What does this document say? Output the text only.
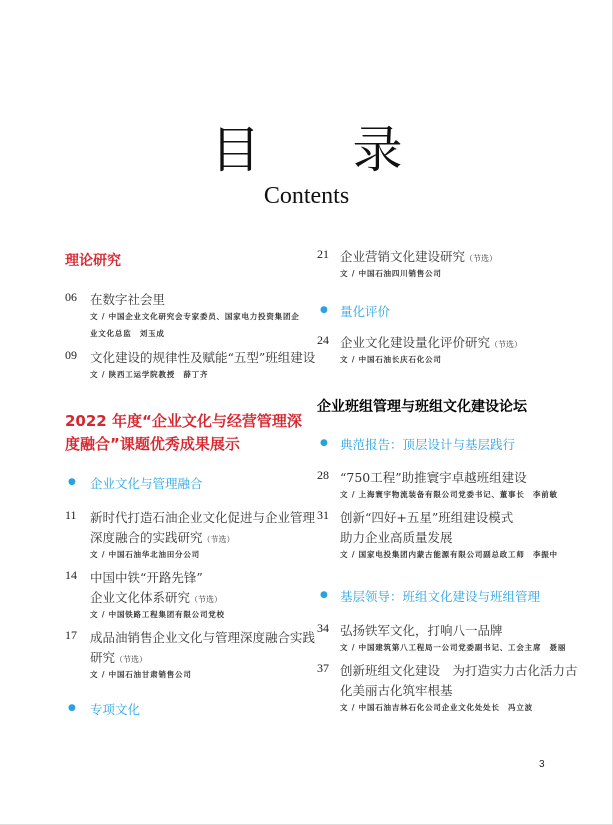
目 录
Contents
3
理论研究
06 在数字社会里
文 / 中国企业文化研究会专家委员、国家电力投资集团企
业文化总监　刘玉成
09 文化建设的规律性及赋能“五型”班组建设
文 / 陕西工运学院教授　薛丁齐
2022 年度“企业文化与经营管理深
度融合”课题优秀成果展示
● 企业文化与管理融合
11 新时代打造石油企业文化促进与企业管理
深度融合的实践研究（节选）
文 / 中国石油华北油田分公司
14 中国中铁“开路先锋”
企业文化体系研究（节选）
文 / 中国铁路工程集团有限公司党校
17 成品油销售企业文化与管理深度融合实践
研究（节选）
文 / 中国石油甘肃销售公司
● 专项文化
21 企业营销文化建设研究（节选）
文 / 中国石油四川销售公司
● 量化评价
24 企业文化建设量化评价研究（节选）
文 / 中国石油长庆石化公司
企业班组管理与班组文化建设论坛
● 典范报告：顶层设计与基层践行
28 “750工程”助推寰宇卓越班组建设
文 / 上海寰宇物流装备有限公司党委书记、董事长　李前敏
31 创新“四好+五星”班组建设模式
助力企业高质量发展
文 / 国家电投集团内蒙古能源有限公司副总政工师　李振中
● 基层领导：班组文化建设与班组管理
34 弘扬铁军文化，打响八一品牌
文 / 中国建筑第八工程局一公司党委副书记、工会主席　聂丽
37 创新班组文化建设　为打造实力古化活力古
化美丽古化筑牢根基
文 / 中国石油吉林石化公司企业文化处处长　冯立波
